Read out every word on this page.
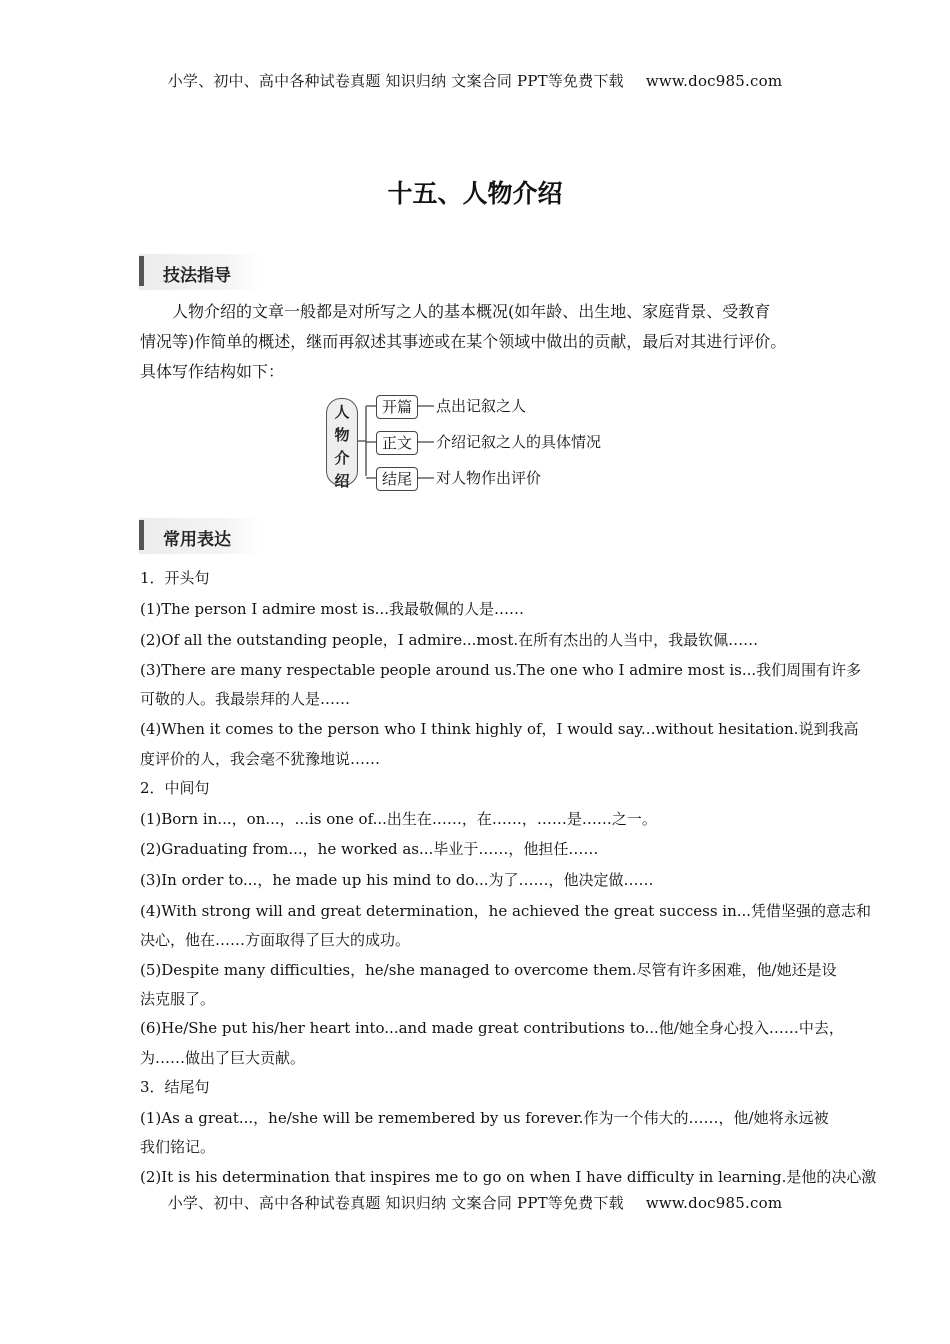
小学、初中、高中各种试卷真题 知识归纳 文案合同 PPT等免费下载 www.doc985.com
十五、人物介绍
技法指导
人物介绍的文章一般都是对所写之人的基本概况(如年龄、出生地、家庭背景、受教育
情况等)作简单的概述，继而再叙述其事迹或在某个领域中做出的贡献，最后对其进行评价。
具体写作结构如下：
人
物
介
绍
开篇	点出记叙之人
正文	介绍记叙之人的具体情况
结尾	对人物作出评价
常用表达
1．开头句
(1)The person I admire most is...我最敬佩的人是……
(2)Of all the outstanding people，I admire...most.在所有杰出的人当中，我最钦佩……
(3)There are many respectable people around us.The one who I admire most is...我们周围有许多
可敬的人。我最崇拜的人是……
(4)When it comes to the person who I think highly of，I would say...without hesitation.说到我高
度评价的人，我会毫不犹豫地说……
2．中间句
(1)Born in...，on...，...is one of...出生在……，在……，……是……之一。
(2)Graduating from...，he worked as...毕业于……，他担任……
(3)In order to...，he made up his mind to do...为了……，他决定做……
(4)With strong will and great determination，he achieved the great success in...凭借坚强的意志和
决心，他在……方面取得了巨大的成功。
(5)Despite many difficulties，he/she managed to overcome them.尽管有许多困难，他/她还是设
法克服了。
(6)He/She put his/her heart into...and made great contributions to...他/她全身心投入……中去，
为……做出了巨大贡献。
3．结尾句
(1)As a great...，he/she will be remembered by us forever.作为一个伟大的……，他/她将永远被
我们铭记。
(2)It is his determination that inspires me to go on when I have difficulty in learning.是他的决心激
小学、初中、高中各种试卷真题 知识归纳 文案合同 PPT等免费下载 www.doc985.com
